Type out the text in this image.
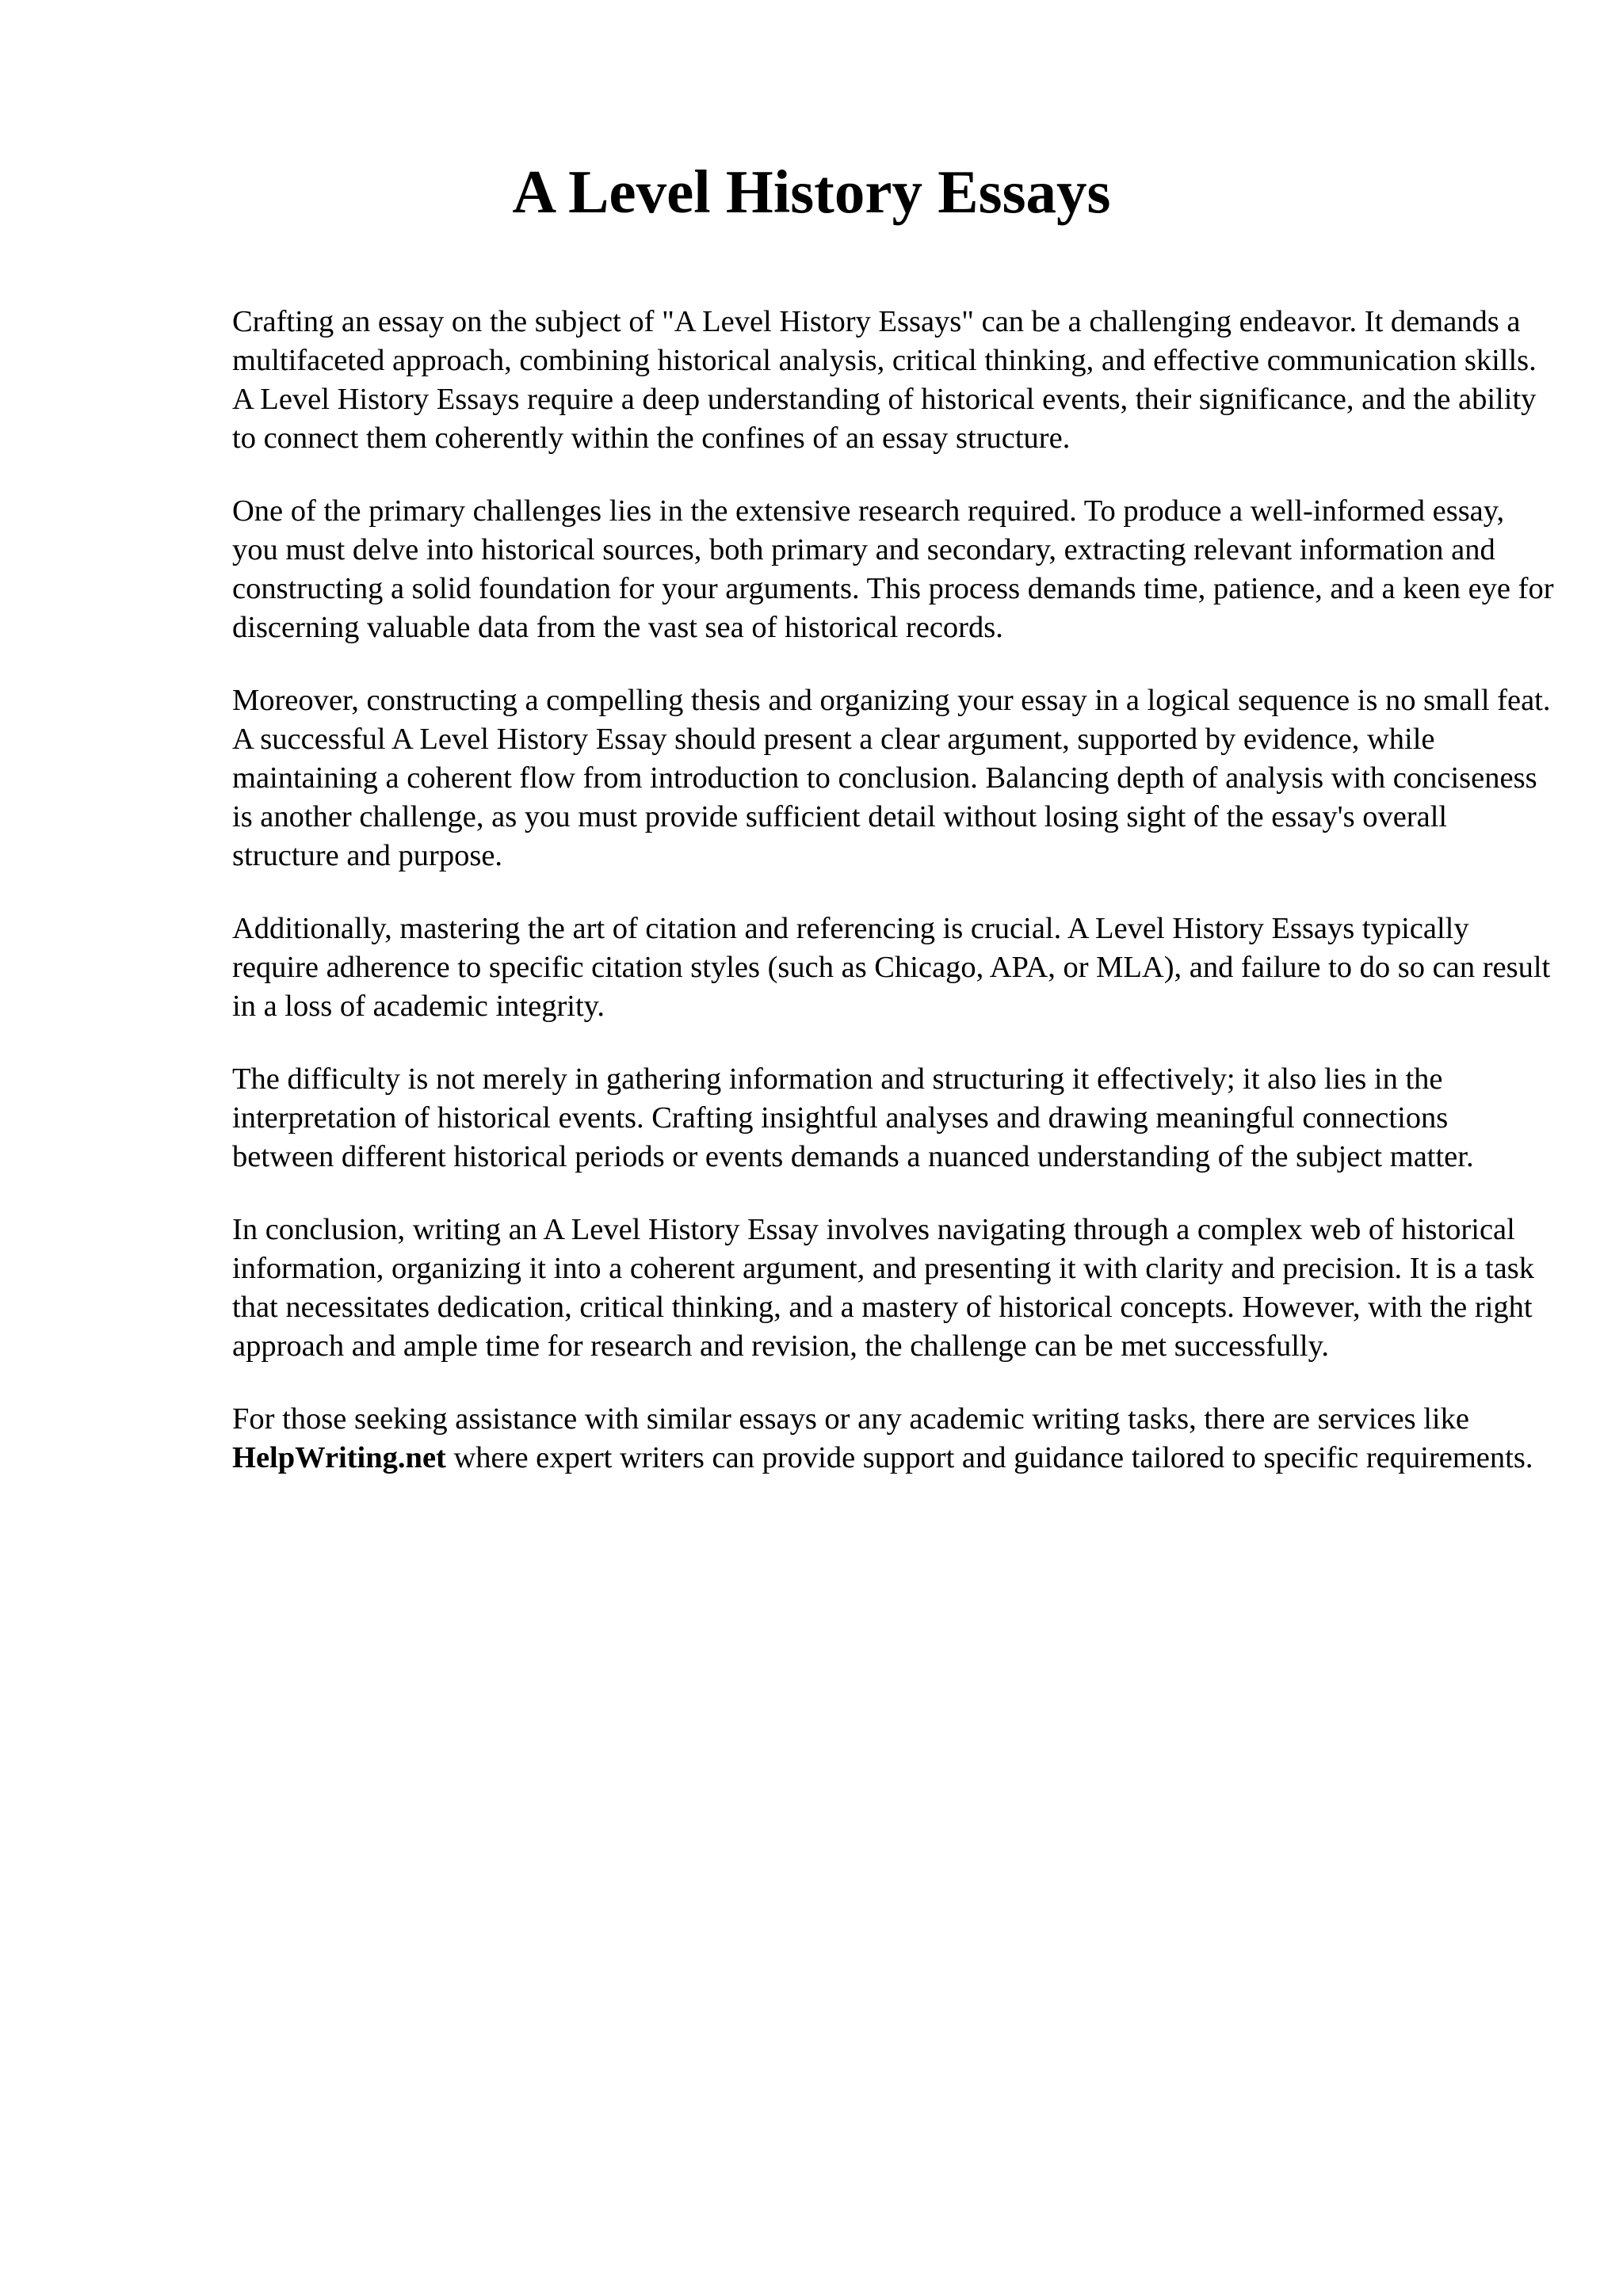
A Level History Essays

Crafting an essay on the subject of "A Level History Essays" can be a challenging endeavor. It demands a multifaceted approach, combining historical analysis, critical thinking, and effective communication skills. A Level History Essays require a deep understanding of historical events, their significance, and the ability to connect them coherently within the confines of an essay structure.

One of the primary challenges lies in the extensive research required. To produce a well-informed essay, you must delve into historical sources, both primary and secondary, extracting relevant information and constructing a solid foundation for your arguments. This process demands time, patience, and a keen eye for discerning valuable data from the vast sea of historical records.

Moreover, constructing a compelling thesis and organizing your essay in a logical sequence is no small feat. A successful A Level History Essay should present a clear argument, supported by evidence, while maintaining a coherent flow from introduction to conclusion. Balancing depth of analysis with conciseness is another challenge, as you must provide sufficient detail without losing sight of the essay's overall structure and purpose.

Additionally, mastering the art of citation and referencing is crucial. A Level History Essays typically require adherence to specific citation styles (such as Chicago, APA, or MLA), and failure to do so can result in a loss of academic integrity.

The difficulty is not merely in gathering information and structuring it effectively; it also lies in the interpretation of historical events. Crafting insightful analyses and drawing meaningful connections between different historical periods or events demands a nuanced understanding of the subject matter.

In conclusion, writing an A Level History Essay involves navigating through a complex web of historical information, organizing it into a coherent argument, and presenting it with clarity and precision. It is a task that necessitates dedication, critical thinking, and a mastery of historical concepts. However, with the right approach and ample time for research and revision, the challenge can be met successfully.

For those seeking assistance with similar essays or any academic writing tasks, there are services like HelpWriting.net where expert writers can provide support and guidance tailored to specific requirements.
